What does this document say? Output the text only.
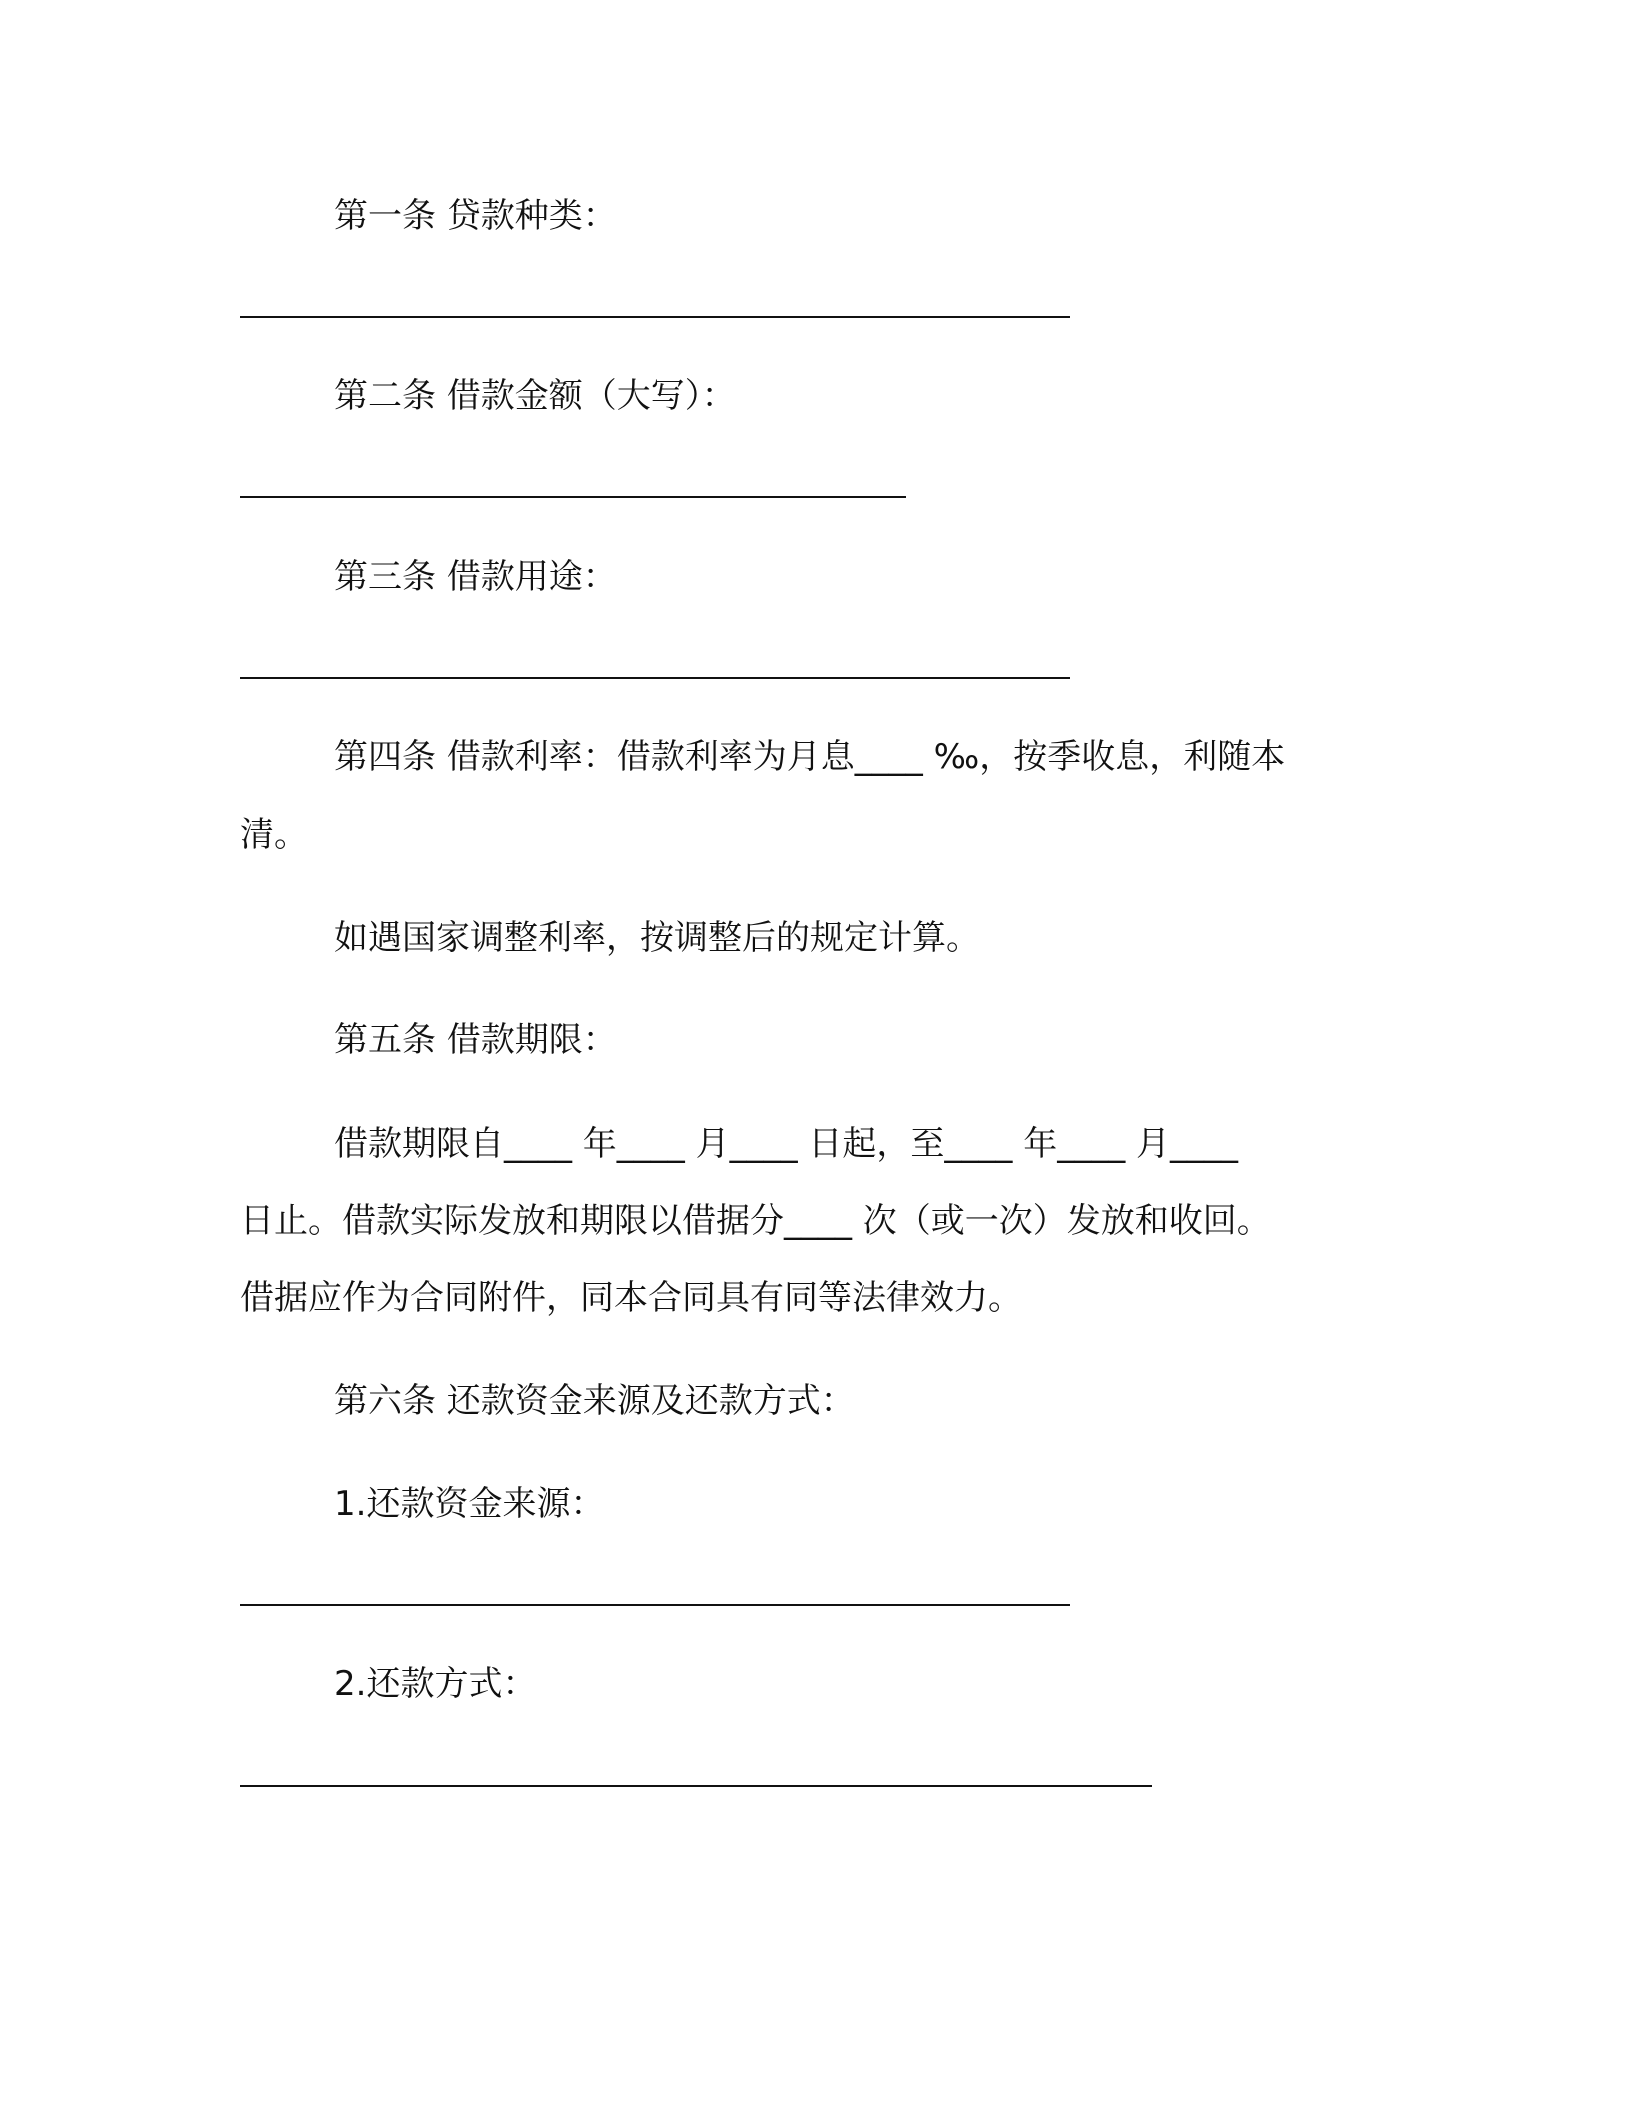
第一条 贷款种类：
第二条 借款金额（大写）：
第三条 借款用途：
第四条 借款利率：借款利率为月息____ ‰，按季收息，利随本
清。
如遇国家调整利率，按调整后的规定计算。
第五条 借款期限：
借款期限自____ 年____ 月____ 日起，至____ 年____ 月____
日止。借款实际发放和期限以借据分____ 次（或一次）发放和收回。
借据应作为合同附件，同本合同具有同等法律效力。
第六条 还款资金来源及还款方式：
1.还款资金来源：
2.还款方式：
